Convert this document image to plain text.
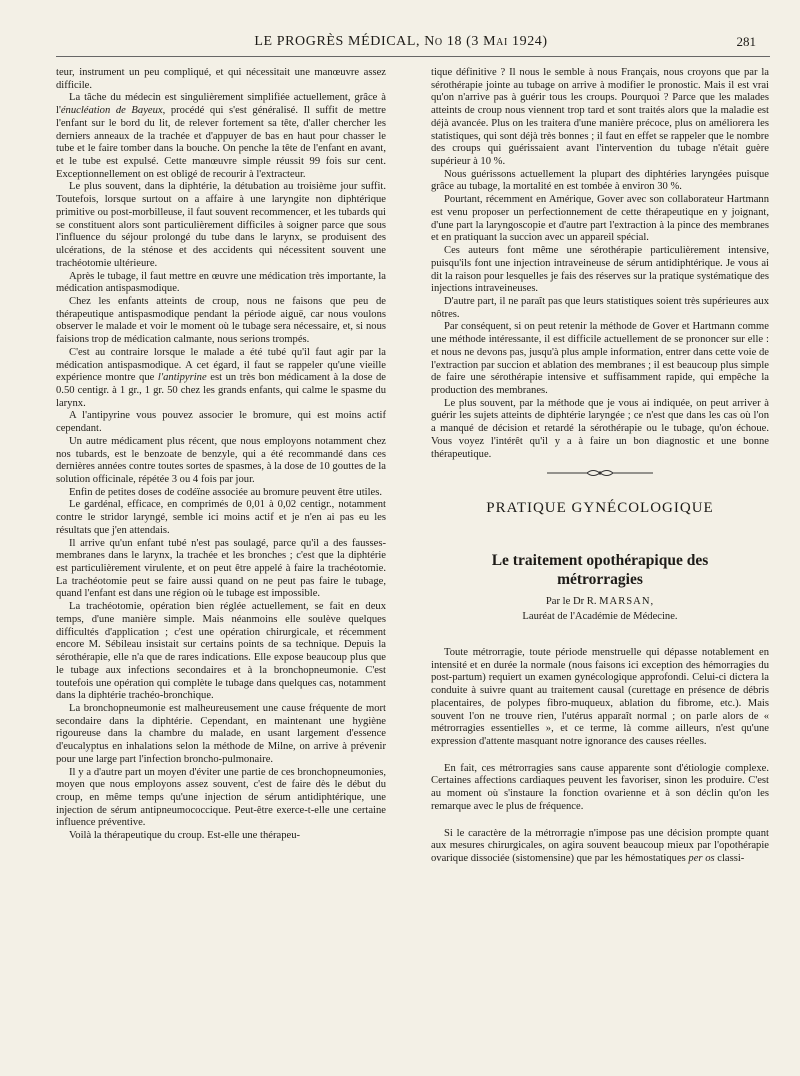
LE PROGRÈS MÉDICAL, No 18 (3 Mai 1924)	281

teur, instrument un peu compliqué, et qui nécessitait une manœuvre assez difficile.

La tâche du médecin est singulièrement simplifiée actuellement, grâce à l'énucléation de Bayeux, procédé qui s'est généralisé. Il suffit de mettre l'enfant sur le bord du lit, de relever fortement sa tête, d'aller chercher les derniers anneaux de la trachée et d'appuyer de bas en haut pour chasser le tube et le faire tomber dans la bouche. On penche la tête de l'enfant en avant, et le tube est expulsé. Cette manœuvre simple réussit 99 fois sur cent. Exceptionnellement on est obligé de recourir à l'extracteur.

Le plus souvent, dans la diphtérie, la détubation au troisième jour suffit. Toutefois, lorsque surtout on a affaire à une laryngite non diphtérique primitive ou post-morbilleuse, il faut souvent recommencer, et les tubards qui se constituent alors sont particulièrement difficiles à soigner parce que sous l'influence du séjour prolongé du tube dans le larynx, se produisent des ulcérations, de la sténose et des accidents qui nécessitent souvent une trachéotomie ultérieure.

Après le tubage, il faut mettre en œuvre une médication très importante, la médication antispasmodique.

Chez les enfants atteints de croup, nous ne faisons que peu de thérapeutique antispasmodique pendant la période aiguë, car nous voulons observer le malade et voir le moment où le tubage sera nécessaire, et, si nous faisions trop de médication calmante, nous serions trompés.

C'est au contraire lorsque le malade a été tubé qu'il faut agir par la médication antispasmodique. A cet égard, il faut se rappeler qu'une vieille expérience montre que l'antipyrine est un très bon médicament à la dose de 0.50 centigr. à 1 gr., 1 gr. 50 chez les grands enfants, qui calme le spasme du larynx.

A l'antipyrine vous pouvez associer le bromure, qui est moins actif cependant.

Un autre médicament plus récent, que nous employons notamment chez nos tubards, est le benzoate de benzyle, qui a été recommandé dans ces dernières années contre toutes sortes de spasmes, à la dose de 10 gouttes de la solution officinale, répétée 3 ou 4 fois par jour.

Enfin de petites doses de codéïne associée au bromure peuvent être utiles.

Le gardénal, efficace, en comprimés de 0,01 à 0,02 centigr., notamment contre le stridor laryngé, semble ici moins actif et je n'en ai pas eu les résultats que j'en attendais.

Il arrive qu'un enfant tubé n'est pas soulagé, parce qu'il a des fausses-membranes dans le larynx, la trachée et les bronches ; c'est que la diphtérie est particulièrement virulente, et on peut être appelé à faire la trachéotomie. La trachéotomie peut se faire aussi quand on ne peut pas faire le tubage, quand l'enfant est dans une région où le tubage est impossible.

La trachéotomie, opération bien réglée actuellement, se fait en deux temps, d'une manière simple. Mais néanmoins elle soulève quelques difficultés d'application ; c'est une opération chirurgicale, et récemment encore M. Sébileau insistait sur certains points de sa technique. Depuis la sérothérapie, elle n'a que de rares indications. Elle expose beaucoup plus que le tubage aux infections secondaires et à la bronchopneumonie. C'est toutefois une opération qui complète le tubage dans quelques cas, notamment dans la diphtérie trachéo-bronchique.

La bronchopneumonie est malheureusement une cause fréquente de mort secondaire dans la diphtérie. Cependant, en maintenant une hygiène rigoureuse dans la chambre du malade, en usant largement d'essence d'eucalyptus en inhalations selon la méthode de Milne, on arrive à prévenir pour une large part l'infection broncho-pulmonaire.

Il y a d'autre part un moyen d'éviter une partie de ces bronchopneumonies, moyen que nous employons assez souvent, c'est de faire dès le début du croup, en même temps qu'une injection de sérum antidiphtérique, une injection de sérum antipneumococcique. Peut-être exerce-t-elle une certaine influence préventive.

Voilà la thérapeutique du croup. Est-elle une thérapeu-

tique définitive ? Il nous le semble à nous Français, nous croyons que par la sérothérapie jointe au tubage on arrive à modifier le pronostic. Mais il est vrai qu'on n'arrive pas à guérir tous les croups. Pourquoi ? Parce que les malades atteints de croup nous viennent trop tard et sont traités alors que la maladie est déjà avancée. Plus on les traitera d'une manière précoce, plus on améliorera les statistiques, qui sont déjà très bonnes ; il faut en effet se rappeler que le nombre des croups qui guérissaient avant l'intervention du tubage n'était guère supérieur à 10 %.

Nous guérissons actuellement la plupart des diphtéries laryngées puisque grâce au tubage, la mortalité en est tombée à environ 30 %.

Pourtant, récemment en Amérique, Gover avec son collaborateur Hartmann est venu proposer un perfectionnement de cette thérapeutique en y joignant, d'une part la laryngoscopie et d'autre part l'extraction à la pince des membranes et en pratiquant la succion avec un appareil spécial.

Ces auteurs font même une sérothérapie particulièrement intensive, puisqu'ils font une injection intraveineuse de sérum antidiphtérique. Je vous ai dit la raison pour lesquelles je fais des réserves sur la pratique systématique des injections intraveineuses.

D'autre part, il ne paraît pas que leurs statistiques soient très supérieures aux nôtres.

Par conséquent, si on peut retenir la méthode de Gover et Hartmann comme une méthode intéressante, il est difficile actuellement de se prononcer sur elle : et nous ne devons pas, jusqu'à plus ample information, entrer dans cette voie de l'extraction par succion et ablation des membranes ; il est beaucoup plus simple de faire une sérothérapie intensive et suffisamment rapide, qui empêche la production des membranes.

Le plus souvent, par la méthode que je vous ai indiquée, on peut arriver à guérir les sujets atteints de diphtérie laryngée ; ce n'est que dans les cas où l'on a manqué de décision et retardé la sérothérapie ou le tubage, qu'on échoue. Vous voyez l'intérêt qu'il y a à faire un bon diagnostic et une bonne thérapeutique.

PRATIQUE GYNÉCOLOGIQUE
Le traitement opothérapique des
métrorragies
Par le Dr R. MARSAN,
Lauréat de l'Académie de Médecine.

Toute métrorragie, toute période menstruelle qui dépasse notablement en intensité et en durée la normale (nous faisons ici exception des hémorragies du post-partum) requiert un examen gynécologique approfondi. Celui-ci dictera la conduite à suivre quant au traitement causal (curettage en présence de débris placentaires, de polypes fibro-muqueux, ablation du fibrome, etc.). Mais souvent l'on ne trouve rien, l'utérus apparaît normal ; on parle alors de « métrorragies essentielles », et ce terme, là comme ailleurs, n'est qu'une expression d'attente masquant notre ignorance des causes réelles.

En fait, ces métrorragies sans cause apparente sont d'étiologie complexe. Certaines affections cardiaques peuvent les favoriser, sinon les produire. C'est au moment où s'instaure la fonction ovarienne et à son déclin qu'on les remarque avec le plus de fréquence.

Si le caractère de la métrorragie n'impose pas une décision prompte quant aux mesures chirurgicales, on agira souvent beaucoup mieux par l'opothérapie ovarique dissociée (sistomensine) que par les hémostatiques per os classi-
